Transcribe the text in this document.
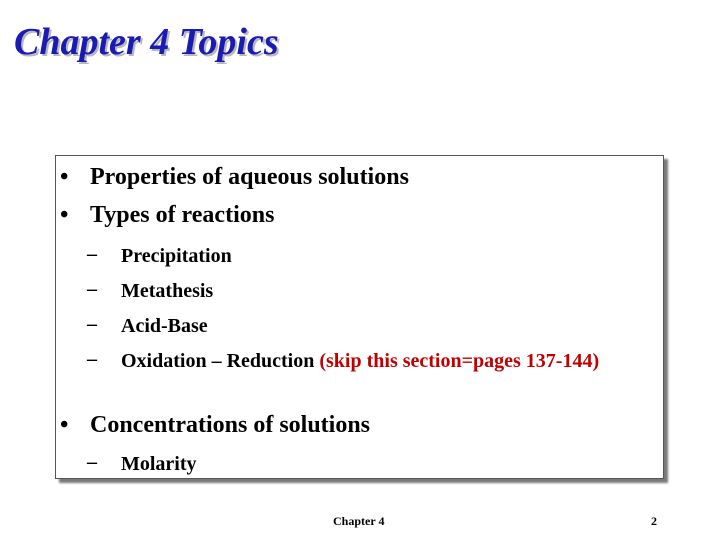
Chapter 4 Topics
• Properties of aqueous solutions
• Types of reactions
–	Precipitation
–	Metathesis
–	Acid-Base
–	Oxidation – Reduction (skip this section=pages 137-144)
• Concentrations of solutions
–	Molarity
Chapter 4	2
